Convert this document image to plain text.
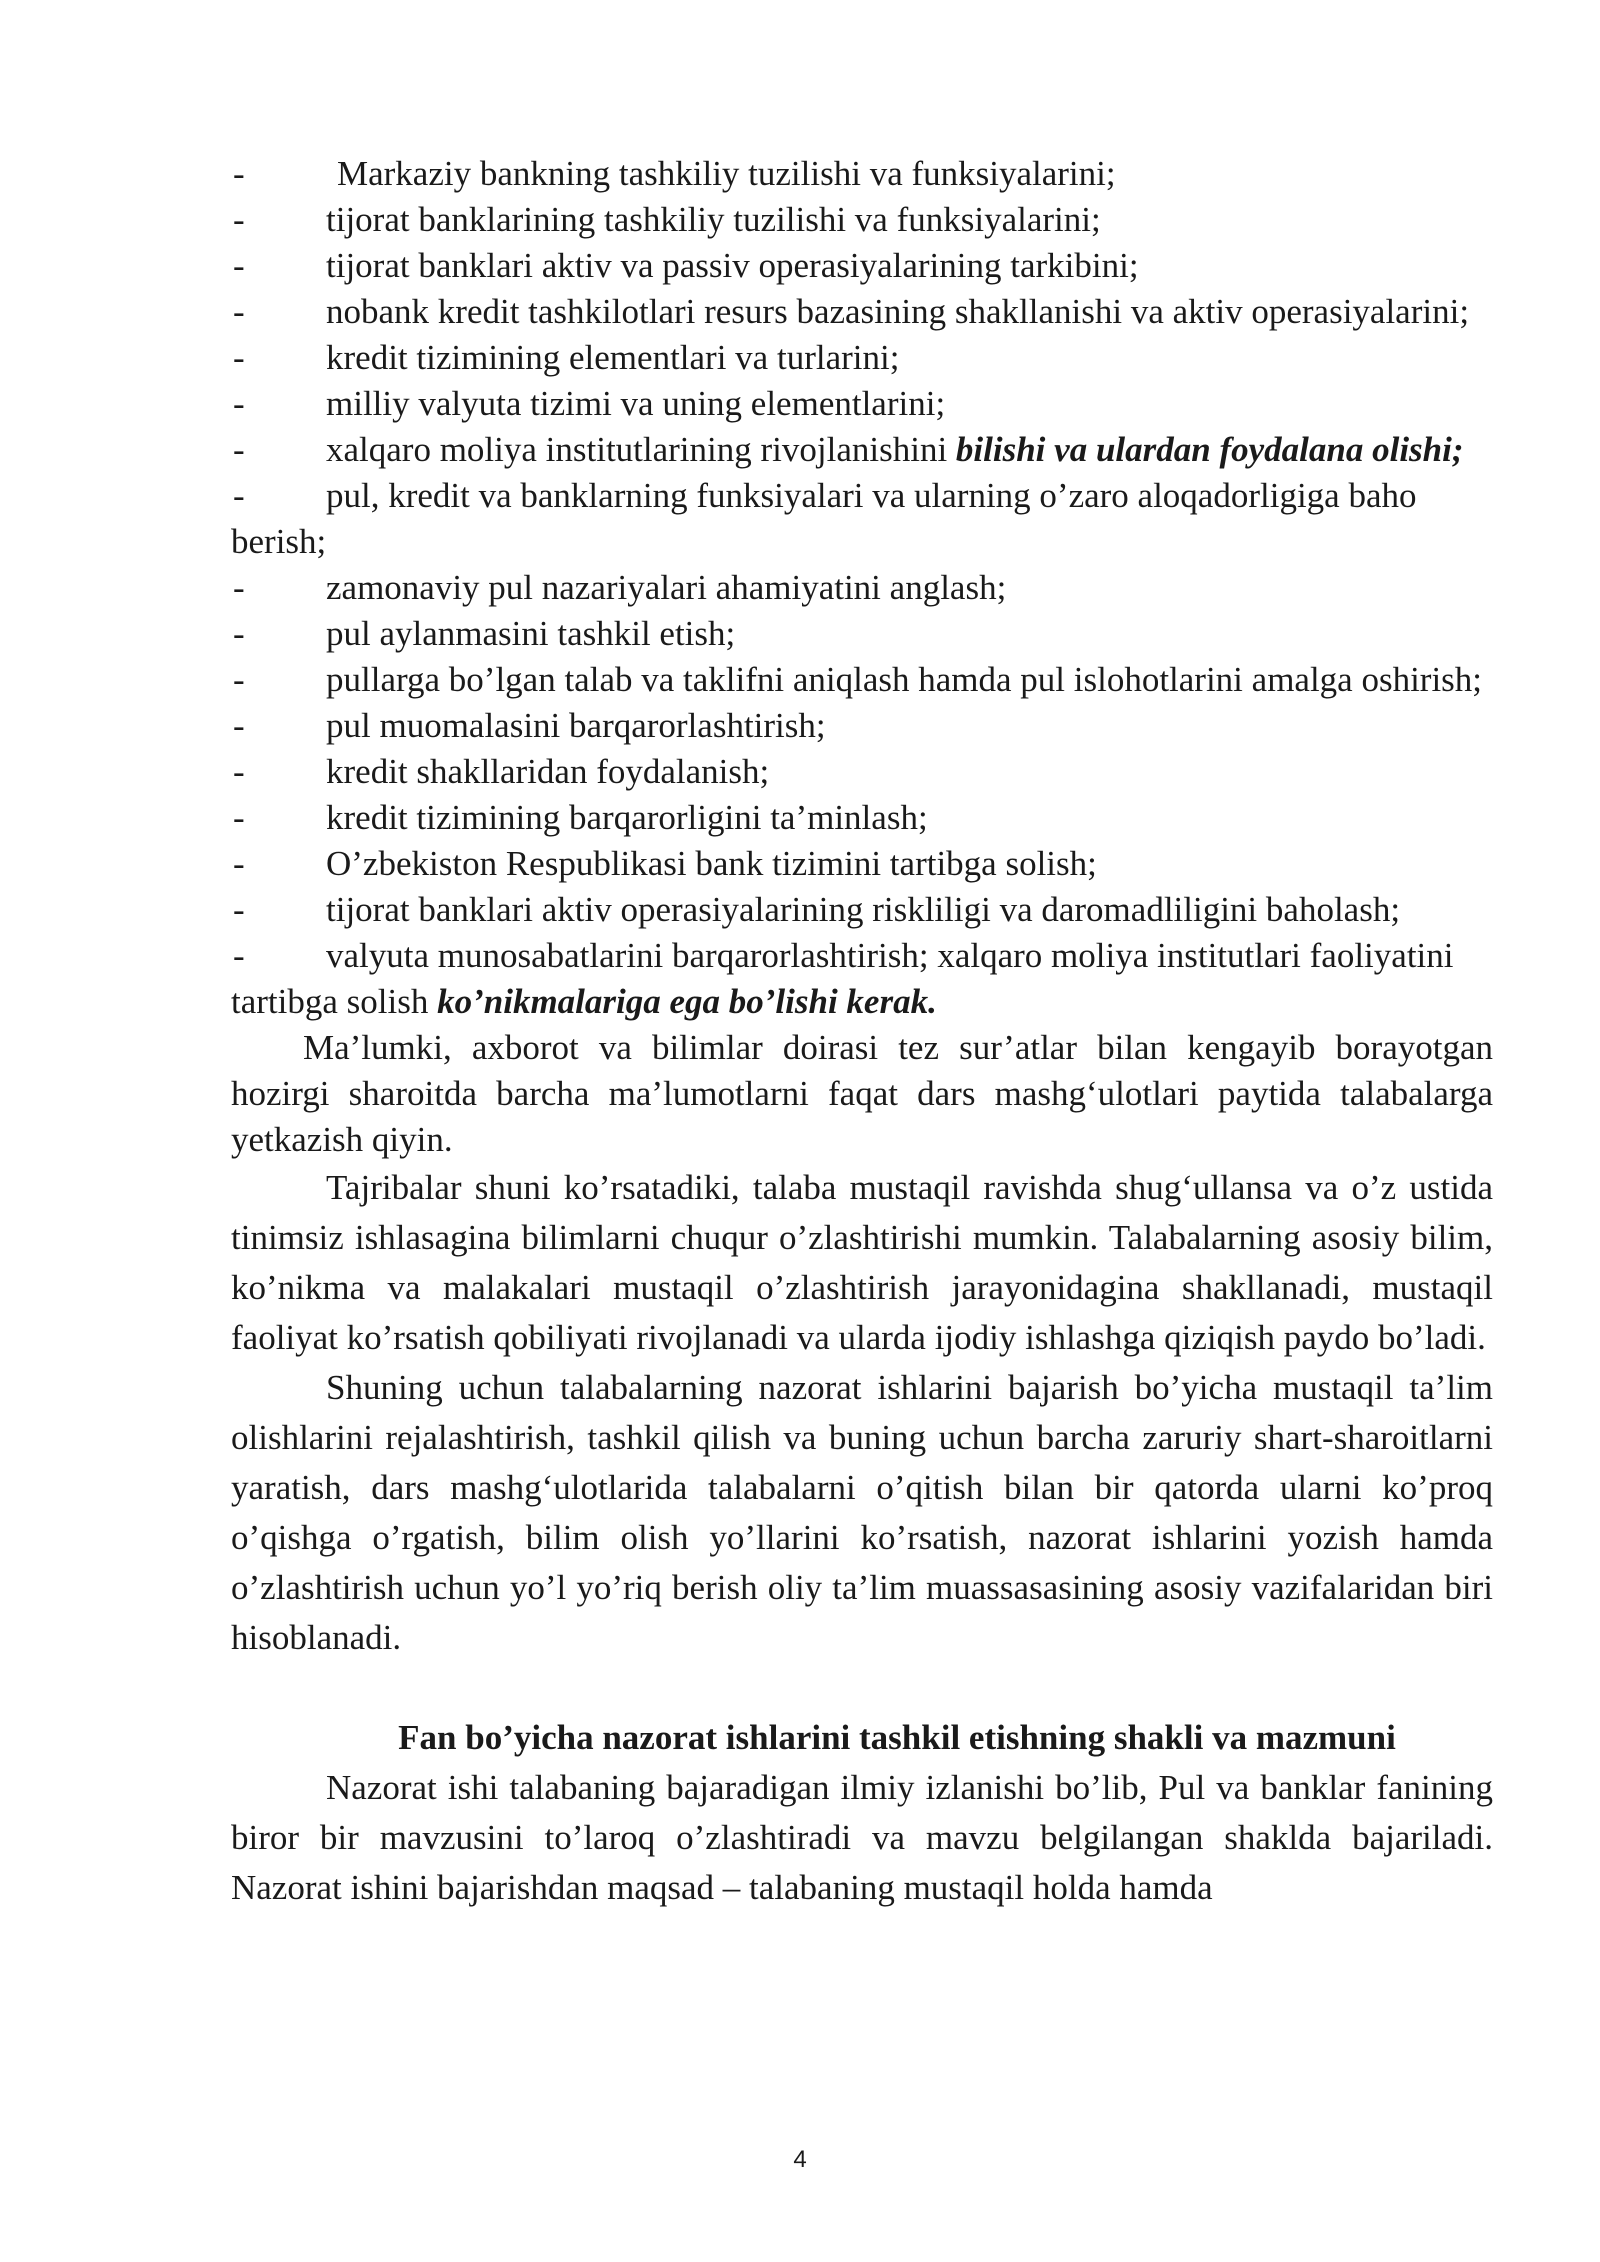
-	Markaziy bankning tashkiliy tuzilishi va funksiyalarini;

- tijorat banklarining tashkiliy tuzilishi va funksiyalarini;

- tijorat banklari aktiv va passiv operasiyalarining tarkibini;

- nobank kredit tashkilotlari resurs bazasining shakllanishi va aktiv operasiyalarini;

- kredit tizimining elementlari va turlarini;

- milliy valyuta tizimi va uning elementlarini;

- xalqaro moliya institutlarining rivojlanishini bilishi va ulardan foydalana olishi;

- pul, kredit va banklarning funksiyalari va ularning o’zaro aloqadorligiga baho berish;

- zamonaviy pul nazariyalari ahamiyatini anglash;

- pul aylanmasini tashkil etish;

- pullarga bo’lgan talab va taklifni aniqlash hamda pul islohotlarini amalga oshirish;

- pul muomalasini barqarorlashtirish;

- kredit shakllaridan foydalanish;

- kredit tizimining barqarorligini ta’minlash;

- O’zbekiston Respublikasi bank tizimini tartibga solish;

- tijorat banklari aktiv operasiyalarining riskliligi va daromadliligini baholash;

- valyuta munosabatlarini barqarorlashtirish; xalqaro moliya institutlari faoliyatini tartibga solish ko’nikmalariga ega bo’lishi kerak.

Ma’lumki, axborot va bilimlar doirasi tez sur’atlar bilan kengayib borayotgan hozirgi sharoitda barcha ma’lumotlarni faqat dars mashg‘ulotlari paytida talabalarga yetkazish qiyin.

Tajribalar shuni ko’rsatadiki, talaba mustaqil ravishda shug‘ullansa va o’z ustida tinimsiz ishlasagina bilimlarni chuqur o’zlashtirishi mumkin. Talabalarning asosiy bilim, ko’nikma va malakalari mustaqil o’zlashtirish jarayonidagina shakllanadi, mustaqil faoliyat ko’rsatish qobiliyati rivojlanadi va ularda ijodiy ishlashga qiziqish paydo bo’ladi.

Shuning uchun talabalarning nazorat ishlarini bajarish bo’yicha mustaqil ta’lim olishlarini rejalashtirish, tashkil qilish va buning uchun barcha zaruriy shart-sharoitlarni yaratish, dars mashg‘ulotlarida talabalarni o’qitish bilan bir qatorda ularni ko’proq o’qishga o’rgatish, bilim olish yo’llarini ko’rsatish, nazorat ishlarini yozish hamda o’zlashtirish uchun yo’l yo’riq berish oliy ta’lim muassasasining asosiy vazifalaridan biri hisoblanadi.

Fan bo’yicha nazorat ishlarini tashkil etishning shakli va mazmuni

Nazorat ishi talabaning bajaradigan ilmiy izlanishi bo’lib, Pul va banklar fanining biror bir mavzusini to’laroq o’zlashtiradi va mavzu belgilangan shaklda bajariladi. Nazorat ishini bajarishdan maqsad – talabaning mustaqil holda hamda

4
